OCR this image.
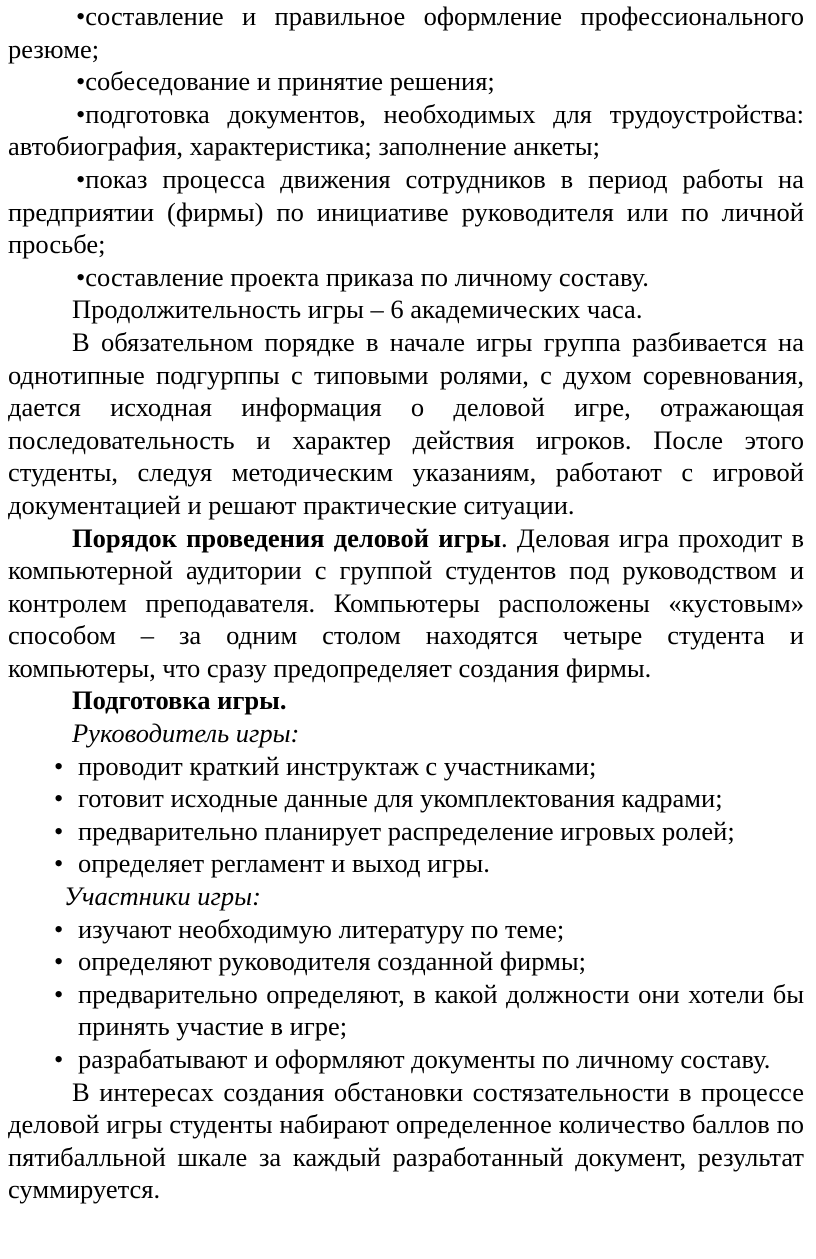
•составление и правильное оформление профессионального резюме;

•собеседование и принятие решения;

•подготовка документов, необходимых для трудоустройства: автобиография, характеристика; заполнение анкеты;

•показ процесса движения сотрудников в период работы на предприятии (фирмы) по инициативе руководителя или по личной просьбе;

•составление проекта приказа по личному составу.

Продолжительность игры – 6 академических часа.

В обязательном порядке в начале игры группа разбивается на однотипные подгурппы с типовыми ролями, с духом соревнования, дается исходная информация о деловой игре, отражающая последовательность и характер действия игроков. После этого студенты, следуя методическим указаниям, работают с игровой документацией и решают практические ситуации.

Порядок проведения деловой игры. Деловая игра проходит в компьютерной аудитории с группой студентов под руководством и контролем преподавателя. Компьютеры расположены «кустовым» способом – за одним столом находятся четыре студента и компьютеры, что сразу предопределяет создания фирмы.

Подготовка игры.

Руководитель игры:

• проводит краткий инструктаж с участниками;
• готовит исходные данные для укомплектования кадрами;
• предварительно планирует распределение игровых ролей;
• определяет регламент и выход игры.

Участники игры:

• изучают необходимую литературу по теме;
• определяют руководителя созданной фирмы;
• предварительно определяют, в какой должности они хотели бы принять участие в игре;
• разрабатывают и оформляют документы по личному составу.

В интересах создания обстановки состязательности в процессе деловой игры студенты набирают определенное количество баллов по пятибалльной шкале за каждый разработанный документ, результат суммируется.
